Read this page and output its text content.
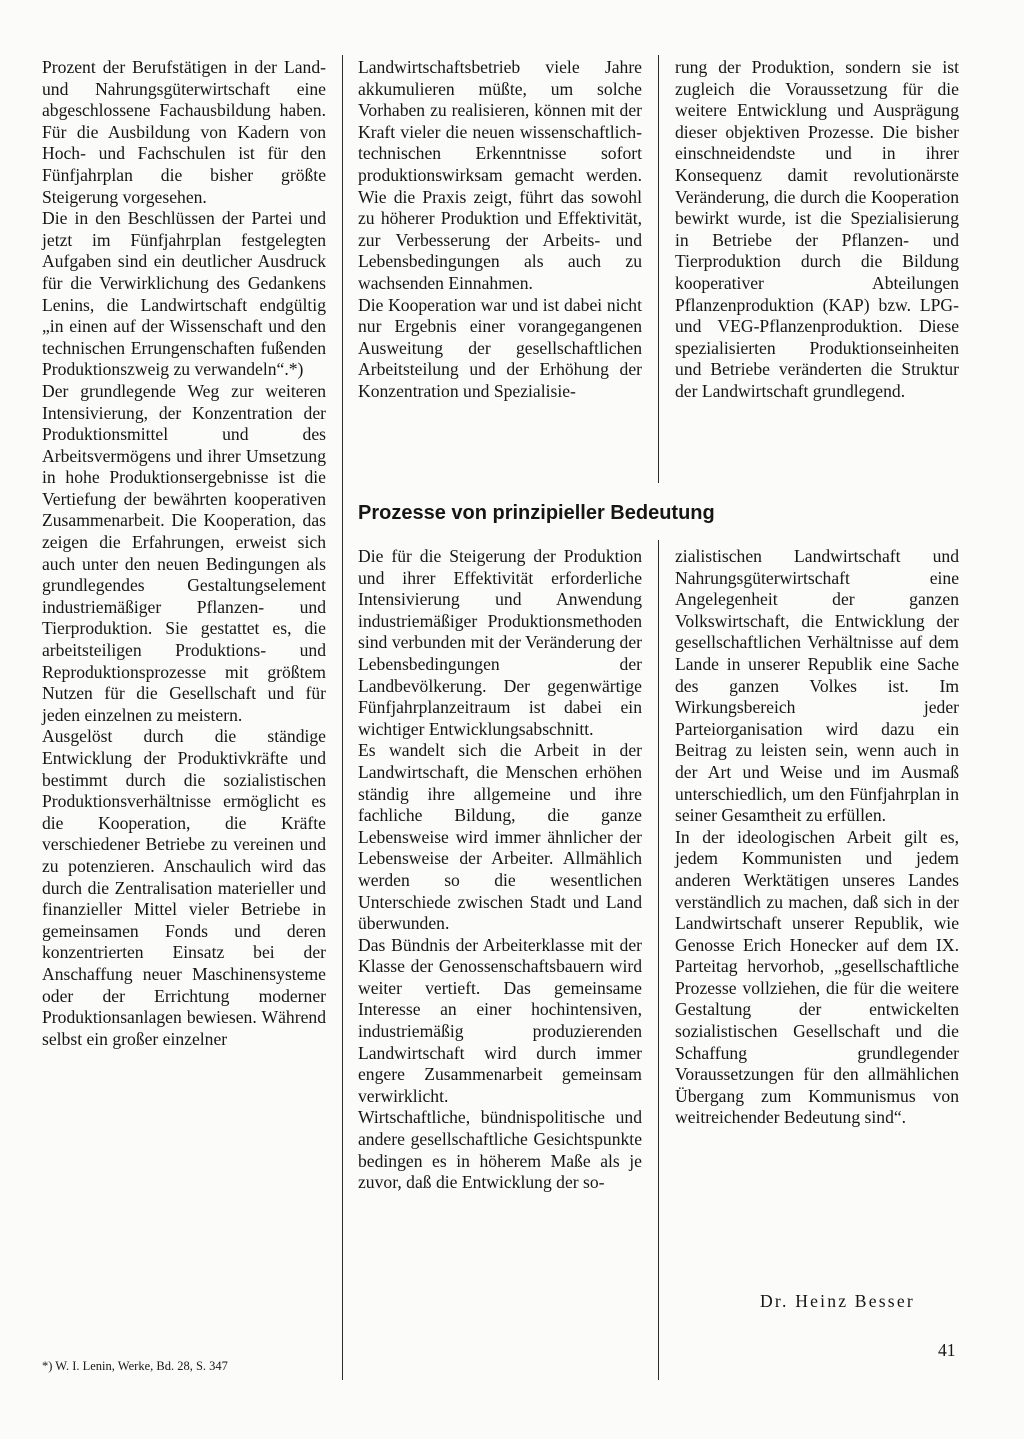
Prozent der Berufstätigen in der Land- und Nahrungsgüterwirtschaft eine abgeschlossene Fachausbildung haben. Für die Ausbildung von Kadern von Hoch- und Fachschulen ist für den Fünfjahrplan die bisher größte Steigerung vorgesehen.

Die in den Beschlüssen der Partei und jetzt im Fünfjahrplan festgelegten Aufgaben sind ein deutlicher Ausdruck für die Verwirklichung des Gedankens Lenins, die Landwirtschaft endgültig „in einen auf der Wissenschaft und den technischen Errungenschaften fußenden Produktionszweig zu verwandeln“.*)

Der grundlegende Weg zur weiteren Intensivierung, der Konzentration der Produktionsmittel und des Arbeitsvermögens und ihrer Umsetzung in hohe Produktionsergebnisse ist die Vertiefung der bewährten kooperativen Zusammenarbeit. Die Kooperation, das zeigen die Erfahrungen, erweist sich auch unter den neuen Bedingungen als grundlegendes Gestaltungselement industriemäßiger Pflanzen- und Tierproduktion. Sie gestattet es, die arbeitsteiligen Produktions- und Reproduktionsprozesse mit größtem Nutzen für die Gesellschaft und für jeden einzelnen zu meistern.

Ausgelöst durch die ständige Entwicklung der Produktivkräfte und bestimmt durch die sozialistischen Produktionsverhältnisse ermöglicht es die Kooperation, die Kräfte verschiedener Betriebe zu vereinen und zu potenzieren. Anschaulich wird das durch die Zentralisation materieller und finanzieller Mittel vieler Betriebe in gemeinsamen Fonds und deren konzentrierten Einsatz bei der Anschaffung neuer Maschinensysteme oder der Errichtung moderner Produktionsanlagen bewiesen. Während selbst ein großer einzelner

Landwirtschaftsbetrieb viele Jahre akkumulieren müßte, um solche Vorhaben zu realisieren, können mit der Kraft vieler die neuen wissenschaftlich-technischen Erkenntnisse sofort produktionswirksam gemacht werden. Wie die Praxis zeigt, führt das sowohl zu höherer Produktion und Effektivität, zur Verbesserung der Arbeits- und Lebensbedingungen als auch zu wachsenden Einnahmen.

Die Kooperation war und ist dabei nicht nur Ergebnis einer vorangegangenen Ausweitung der gesellschaftlichen Arbeitsteilung und der Erhöhung der Konzentration und Spezialisie-

rung der Produktion, sondern sie ist zugleich die Voraussetzung für die weitere Entwicklung und Ausprägung dieser objektiven Prozesse. Die bisher einschneidendste und in ihrer Konsequenz damit revolutionärste Veränderung, die durch die Kooperation bewirkt wurde, ist die Spezialisierung in Betriebe der Pflanzen- und Tierproduktion durch die Bildung kooperativer Abteilungen Pflanzenproduktion (KAP) bzw. LPG- und VEG-Pflanzenproduktion. Diese spezialisierten Produktionseinheiten und Betriebe veränderten die Struktur der Landwirtschaft grundlegend.

Prozesse von prinzipieller Bedeutung

Die für die Steigerung der Produktion und ihrer Effektivität erforderliche Intensivierung und Anwendung industriemäßiger Produktionsmethoden sind verbunden mit der Veränderung der Lebensbedingungen der Landbevölkerung. Der gegenwärtige Fünfjahrplanzeitraum ist dabei ein wichtiger Entwicklungsabschnitt.

Es wandelt sich die Arbeit in der Landwirtschaft, die Menschen erhöhen ständig ihre allgemeine und ihre fachliche Bildung, die ganze Lebensweise wird immer ähnlicher der Lebensweise der Arbeiter. Allmählich werden so die wesentlichen Unterschiede zwischen Stadt und Land überwunden.

Das Bündnis der Arbeiterklasse mit der Klasse der Genossenschaftsbauern wird weiter vertieft. Das gemeinsame Interesse an einer hochintensiven, industriemäßig produzierenden Landwirtschaft wird durch immer engere Zusammenarbeit gemeinsam verwirklicht.

Wirtschaftliche, bündnispolitische und andere gesellschaftliche Gesichtspunkte bedingen es in höherem Maße als je zuvor, daß die Entwicklung der so-

zialistischen Landwirtschaft und Nahrungsgüterwirtschaft eine Angelegenheit der ganzen Volkswirtschaft, die Entwicklung der gesellschaftlichen Verhältnisse auf dem Lande in unserer Republik eine Sache des ganzen Volkes ist. Im Wirkungsbereich jeder Parteiorganisation wird dazu ein Beitrag zu leisten sein, wenn auch in der Art und Weise und im Ausmaß unterschiedlich, um den Fünfjahrplan in seiner Gesamtheit zu erfüllen.

In der ideologischen Arbeit gilt es, jedem Kommunisten und jedem anderen Werktätigen unseres Landes verständlich zu machen, daß sich in der Landwirtschaft unserer Republik, wie Genosse Erich Honecker auf dem IX. Parteitag hervorhob, „gesellschaftliche Prozesse vollziehen, die für die weitere Gestaltung der entwickelten sozialistischen Gesellschaft und die Schaffung grundlegender Voraussetzungen für den allmählichen Übergang zum Kommunismus von weitreichender Bedeutung sind“.

*) W. I. Lenin, Werke, Bd. 28, S. 347

Dr. Heinz Besser

41
